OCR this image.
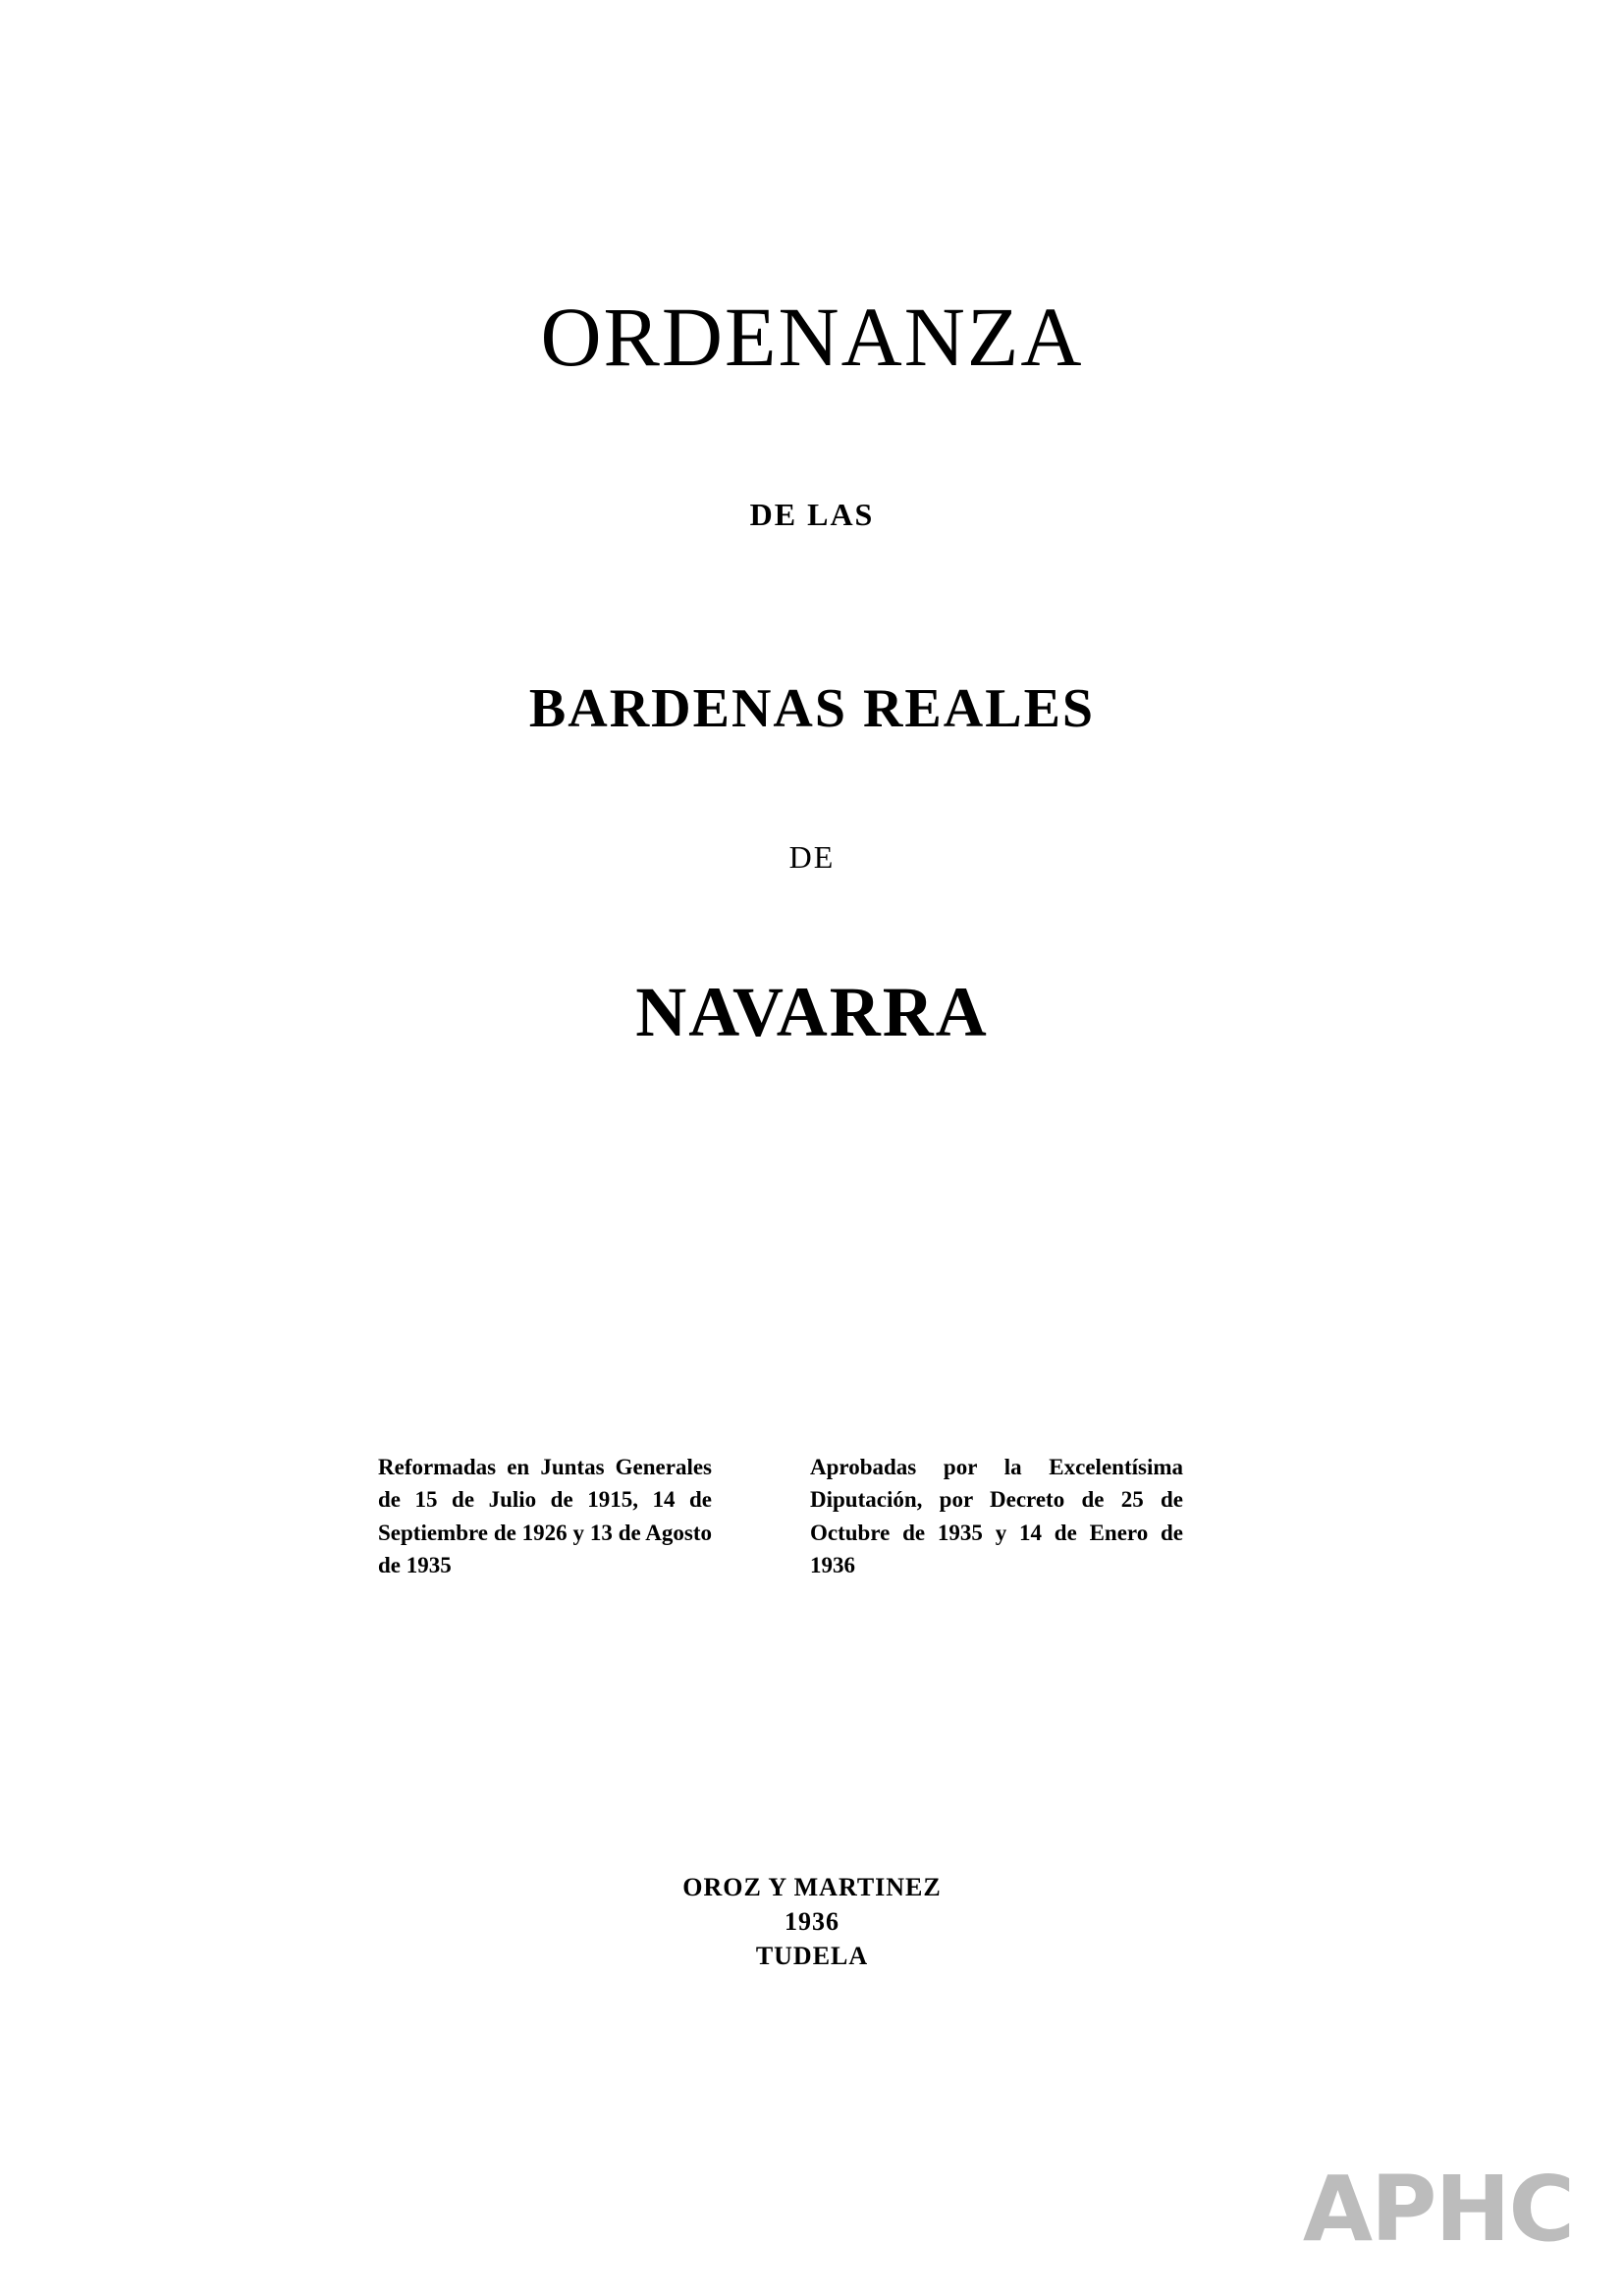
ORDENANZA
DE LAS
BARDENAS REALES
DE
NAVARRA
Reformadas en Juntas Generales de 15 de Julio de 1915, 14 de Septiembre de 1926 y 13 de Agosto de 1935
Aprobadas por la Excelentísima Diputación, por Decreto de 25 de Octubre de 1935 y 14 de Enero de 1936
OROZ Y MARTINEZ
1936
TUDELA
APHC
